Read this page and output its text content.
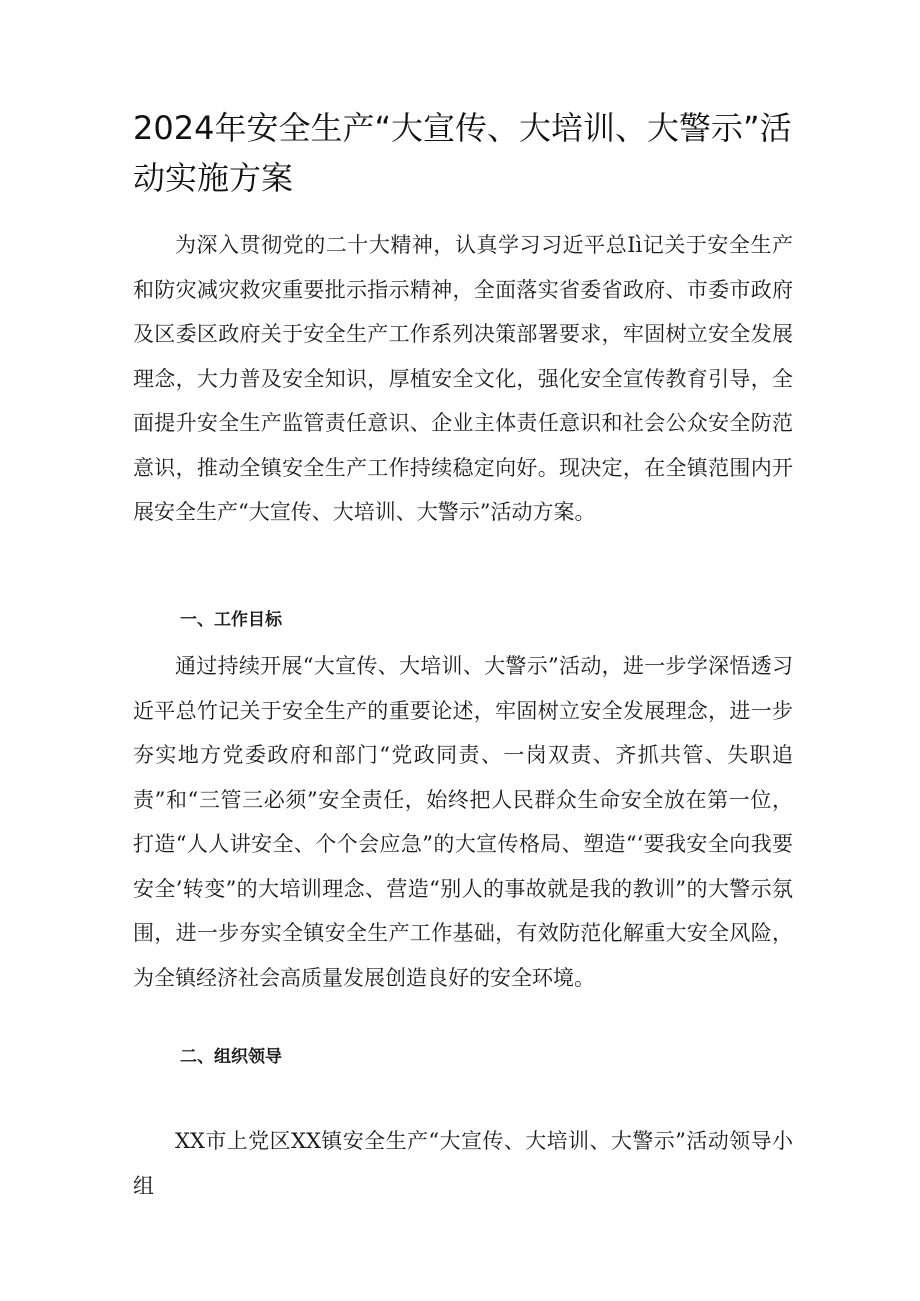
2024年安全生产“大宣传、大培训、大警示”活动实施方案

为深入贯彻党的二十大精神，认真学习习近平总Iì记关于安全生产和防灾减灾救灾重要批示指示精神，全面落实省委省政府、市委市政府及区委区政府关于安全生产工作系列决策部署要求，牢固树立安全发展理念，大力普及安全知识，厚植安全文化，强化安全宣传教育引导，全面提升安全生产监管责任意识、企业主体责任意识和社会公众安全防范意识，推动全镇安全生产工作持续稳定向好。现决定，在全镇范围内开展安全生产“大宣传、大培训、大警示”活动方案。

一、工作目标

通过持续开展“大宣传、大培训、大警示”活动，进一步学深悟透习近平总竹记关于安全生产的重要论述，牢固树立安全发展理念，进一步夯实地方党委政府和部门“党政同责、一岗双责、齐抓共管、失职追责”和“三管三必须”安全责任，始终把人民群众生命安全放在第一位，打造“人人讲安全、个个会应急”的大宣传格局、塑造“‘要我安全向我要安全’转变”的大培训理念、营造“别人的事故就是我的教训”的大警示氛围，进一步夯实全镇安全生产工作基础，有效防范化解重大安全风险，为全镇经济社会高质量发展创造良好的安全环境。

二、组织领导

XX市上党区XX镇安全生产“大宣传、大培训、大警示”活动领导小组
